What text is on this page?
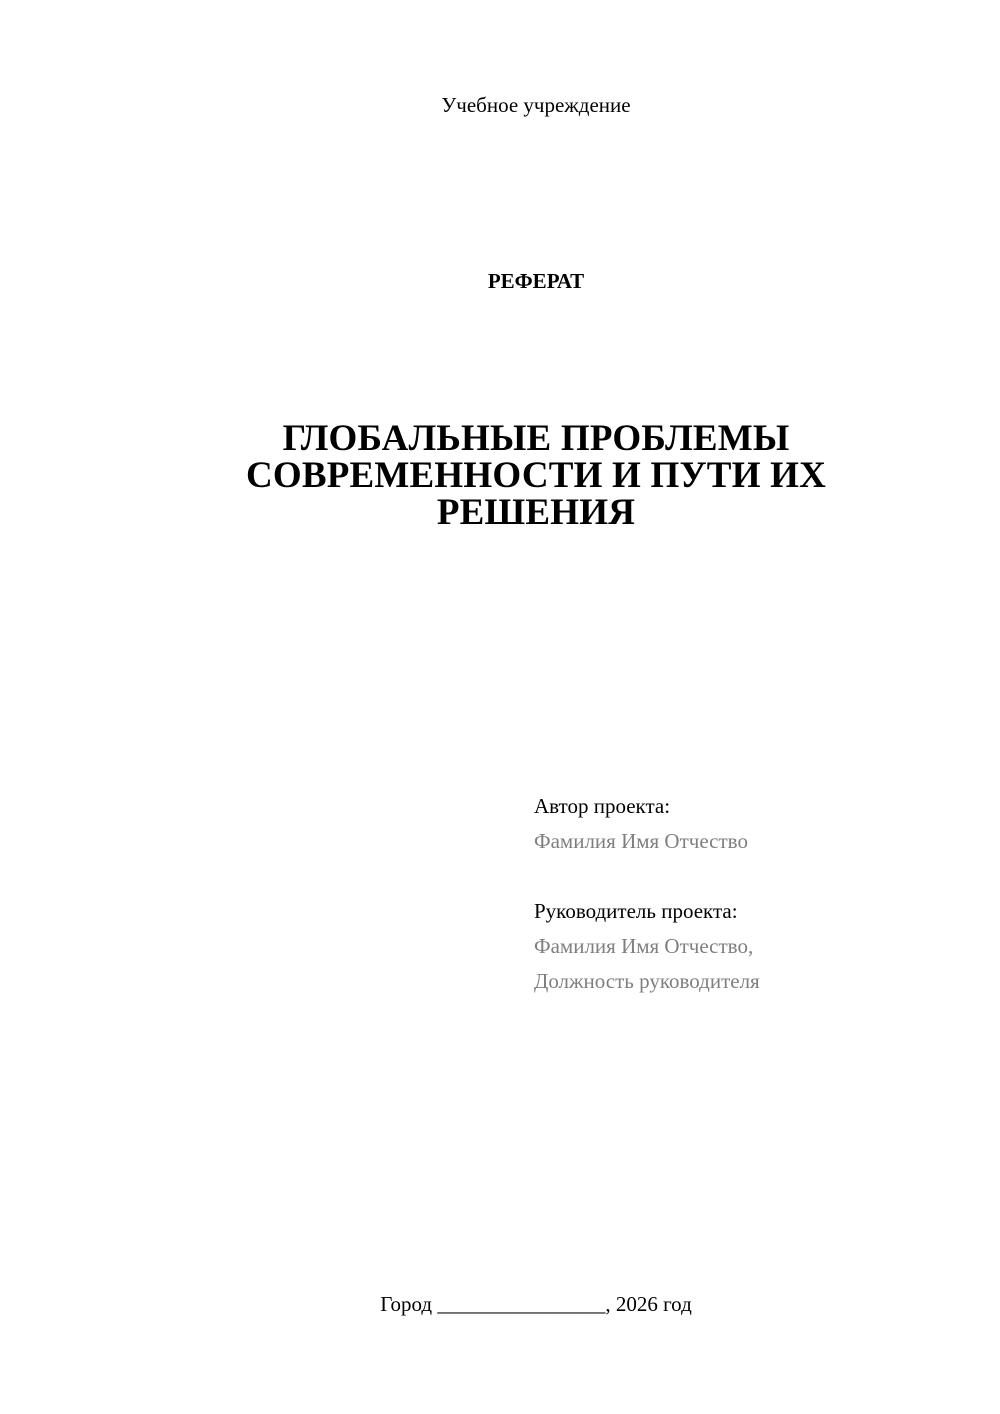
Учебное учреждение
РЕФЕРАТ
ГЛОБАЛЬНЫЕ ПРОБЛЕМЫ
СОВРЕМЕННОСТИ И ПУТИ ИХ
РЕШЕНИЯ
Автор проекта:
Фамилия Имя Отчество
Руководитель проекта:
Фамилия Имя Отчество,
Должность руководителя
Город ________________, 2026 год
